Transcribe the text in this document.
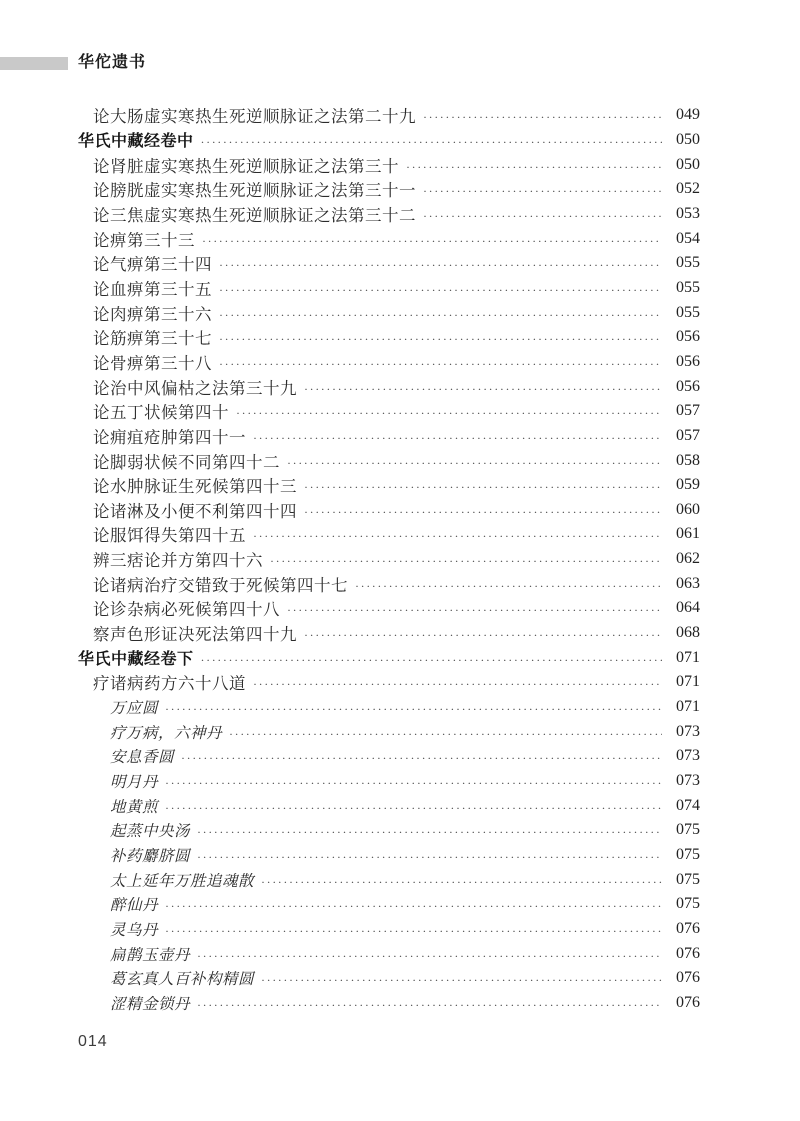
华佗遗书
论大肠虚实寒热生死逆顺脉证之法第二十九 ·····	049
华氏中藏经卷中 ·····	050
论肾脏虚实寒热生死逆顺脉证之法第三十 ·····	050
论膀胱虚实寒热生死逆顺脉证之法第三十一 ·····	052
论三焦虚实寒热生死逆顺脉证之法第三十二 ·····	053
论痹第三十三 ·····	054
论气痹第三十四 ·····	055
论血痹第三十五 ·····	055
论肉痹第三十六 ·····	055
论筋痹第三十七 ·····	056
论骨痹第三十八 ·····	056
论治中风偏枯之法第三十九 ·····	056
论五丁状候第四十 ·····	057
论痈疽疮肿第四十一 ·····	057
论脚弱状候不同第四十二 ·····	058
论水肿脉证生死候第四十三 ·····	059
论诸淋及小便不利第四十四 ·····	060
论服饵得失第四十五 ·····	061
辨三痞论并方第四十六 ·····	062
论诸病治疗交错致于死候第四十七 ·····	063
论诊杂病必死候第四十八 ·····	064
察声色形证决死法第四十九 ·····	068
华氏中藏经卷下 ·····	071
疗诸病药方六十八道 ·····	071
万应圆 ·····	071
疗万病，六神丹 ·····	073
安息香圆 ·····	073
明月丹 ·····	073
地黄煎 ·····	074
起蒸中央汤 ·····	075
补药麝脐圆 ·····	075
太上延年万胜追魂散 ·····	075
醉仙丹 ·····	075
灵乌丹 ·····	076
扁鹊玉壶丹 ·····	076
葛玄真人百补构精圆 ·····	076
涩精金锁丹 ·····	076
014
